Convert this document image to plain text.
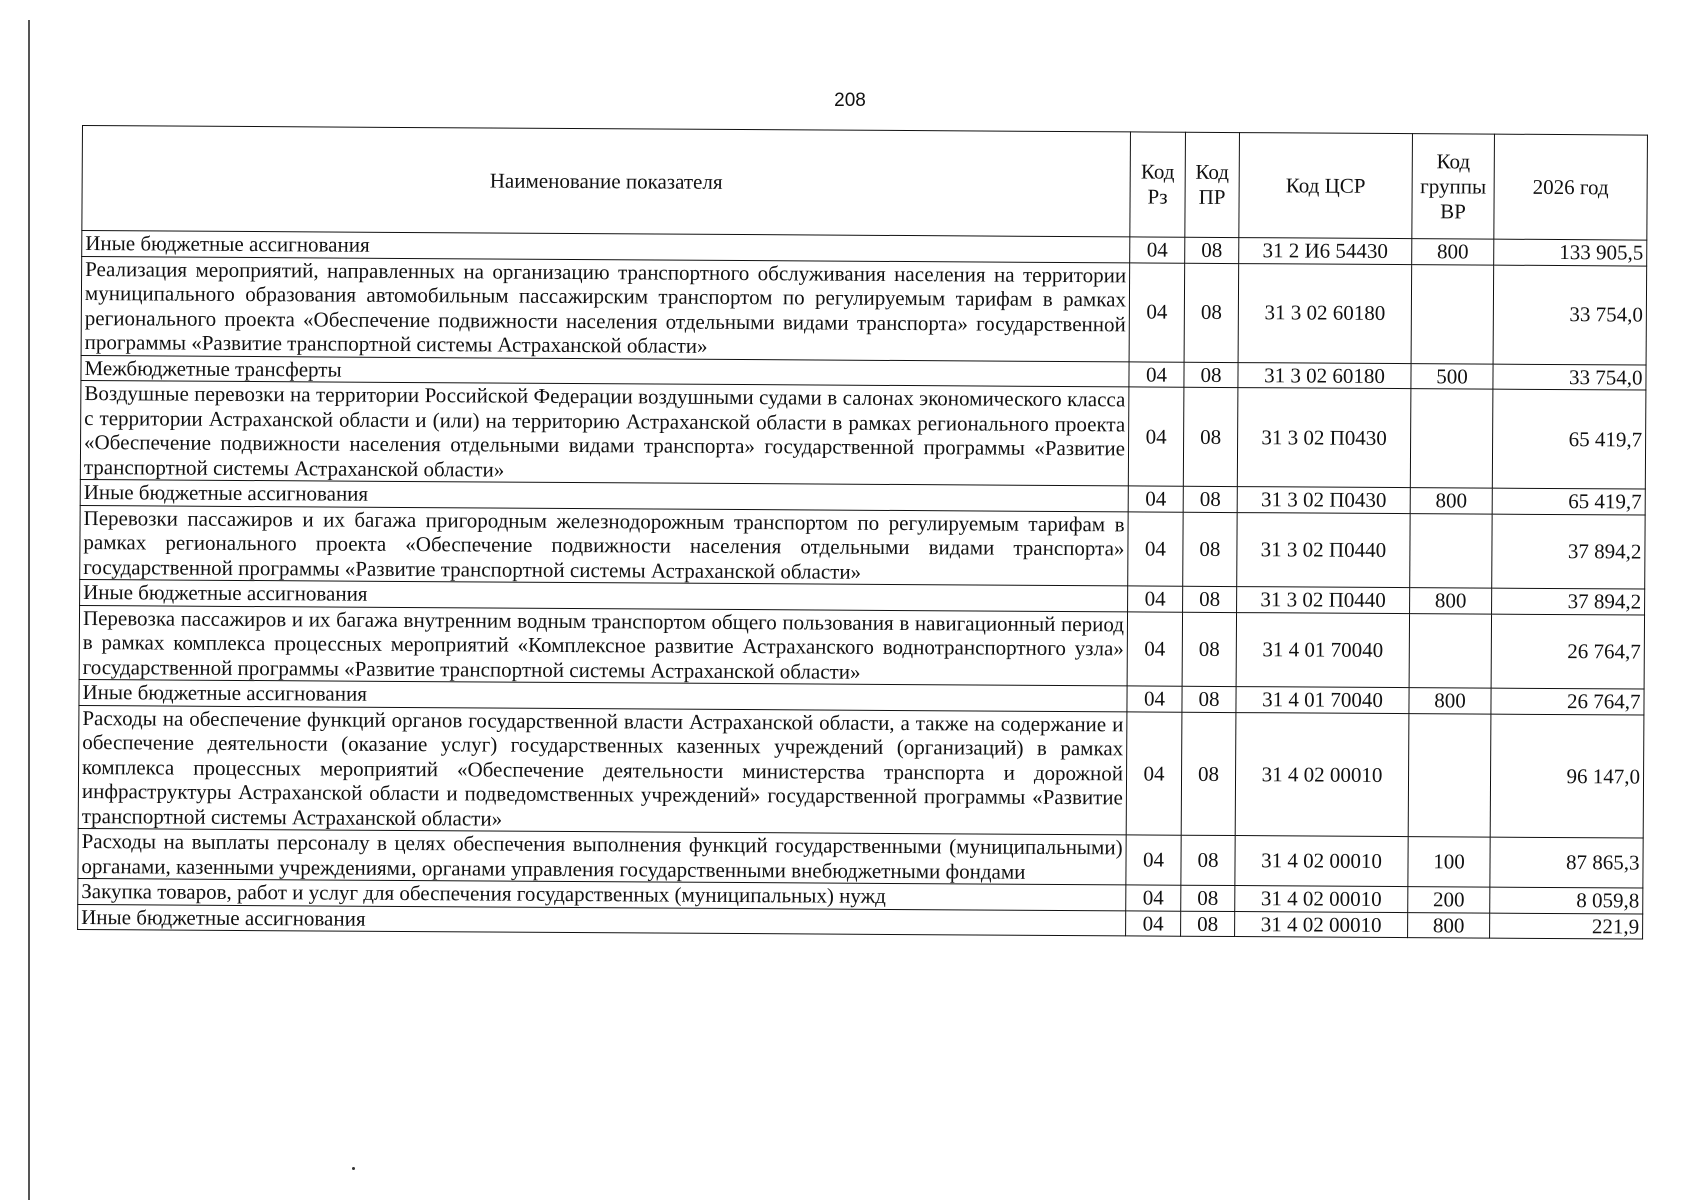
208
Наименование показателя	Код Рз	Код ПР	Код ЦСР	Код группы ВР	2026 год
Иные бюджетные ассигнования	04	08	31 2 И6 54430	800	133 905,5
Реализация мероприятий, направленных на организацию транспортного обслуживания населения на территории муниципального образования автомобильным пассажирским транспортом по регулируемым тарифам в рамках регионального проекта «Обеспечение подвижности населения отдельными видами транспорта» государственной программы «Развитие транспортной системы Астраханской области»	04	08	31 3 02 60180		33 754,0
Межбюджетные трансферты	04	08	31 3 02 60180	500	33 754,0
Воздушные перевозки на территории Российской Федерации воздушными судами в салонах экономического класса с территории Астраханской области и (или) на территорию Астраханской области в рамках регионального проекта «Обеспечение подвижности населения отдельными видами транспорта» государственной программы «Развитие транспортной системы Астраханской области»	04	08	31 3 02 П0430		65 419,7
Иные бюджетные ассигнования	04	08	31 3 02 П0430	800	65 419,7
Перевозки пассажиров и их багажа пригородным железнодорожным транспортом по регулируемым тарифам в рамках регионального проекта «Обеспечение подвижности населения отдельными видами транспорта» государственной программы «Развитие транспортной системы Астраханской области»	04	08	31 3 02 П0440		37 894,2
Иные бюджетные ассигнования	04	08	31 3 02 П0440	800	37 894,2
Перевозка пассажиров и их багажа внутренним водным транспортом общего пользования в навигационный период в рамках комплекса процессных мероприятий «Комплексное развитие Астраханского воднотранспортного узла» государственной программы «Развитие транспортной системы Астраханской области»	04	08	31 4 01 70040		26 764,7
Иные бюджетные ассигнования	04	08	31 4 01 70040	800	26 764,7
Расходы на обеспечение функций органов государственной власти Астраханской области, а также на содержание и обеспечение деятельности (оказание услуг) государственных казенных учреждений (организаций) в рамках комплекса процессных мероприятий «Обеспечение деятельности министерства транспорта и дорожной инфраструктуры Астраханской области и подведомственных учреждений» государственной программы «Развитие транспортной системы Астраханской области»	04	08	31 4 02 00010		96 147,0
Расходы на выплаты персоналу в целях обеспечения выполнения функций государственными (муниципальными) органами, казенными учреждениями, органами управления государственными внебюджетными фондами	04	08	31 4 02 00010	100	87 865,3
Закупка товаров, работ и услуг для обеспечения государственных (муниципальных) нужд	04	08	31 4 02 00010	200	8 059,8
Иные бюджетные ассигнования	04	08	31 4 02 00010	800	221,9
